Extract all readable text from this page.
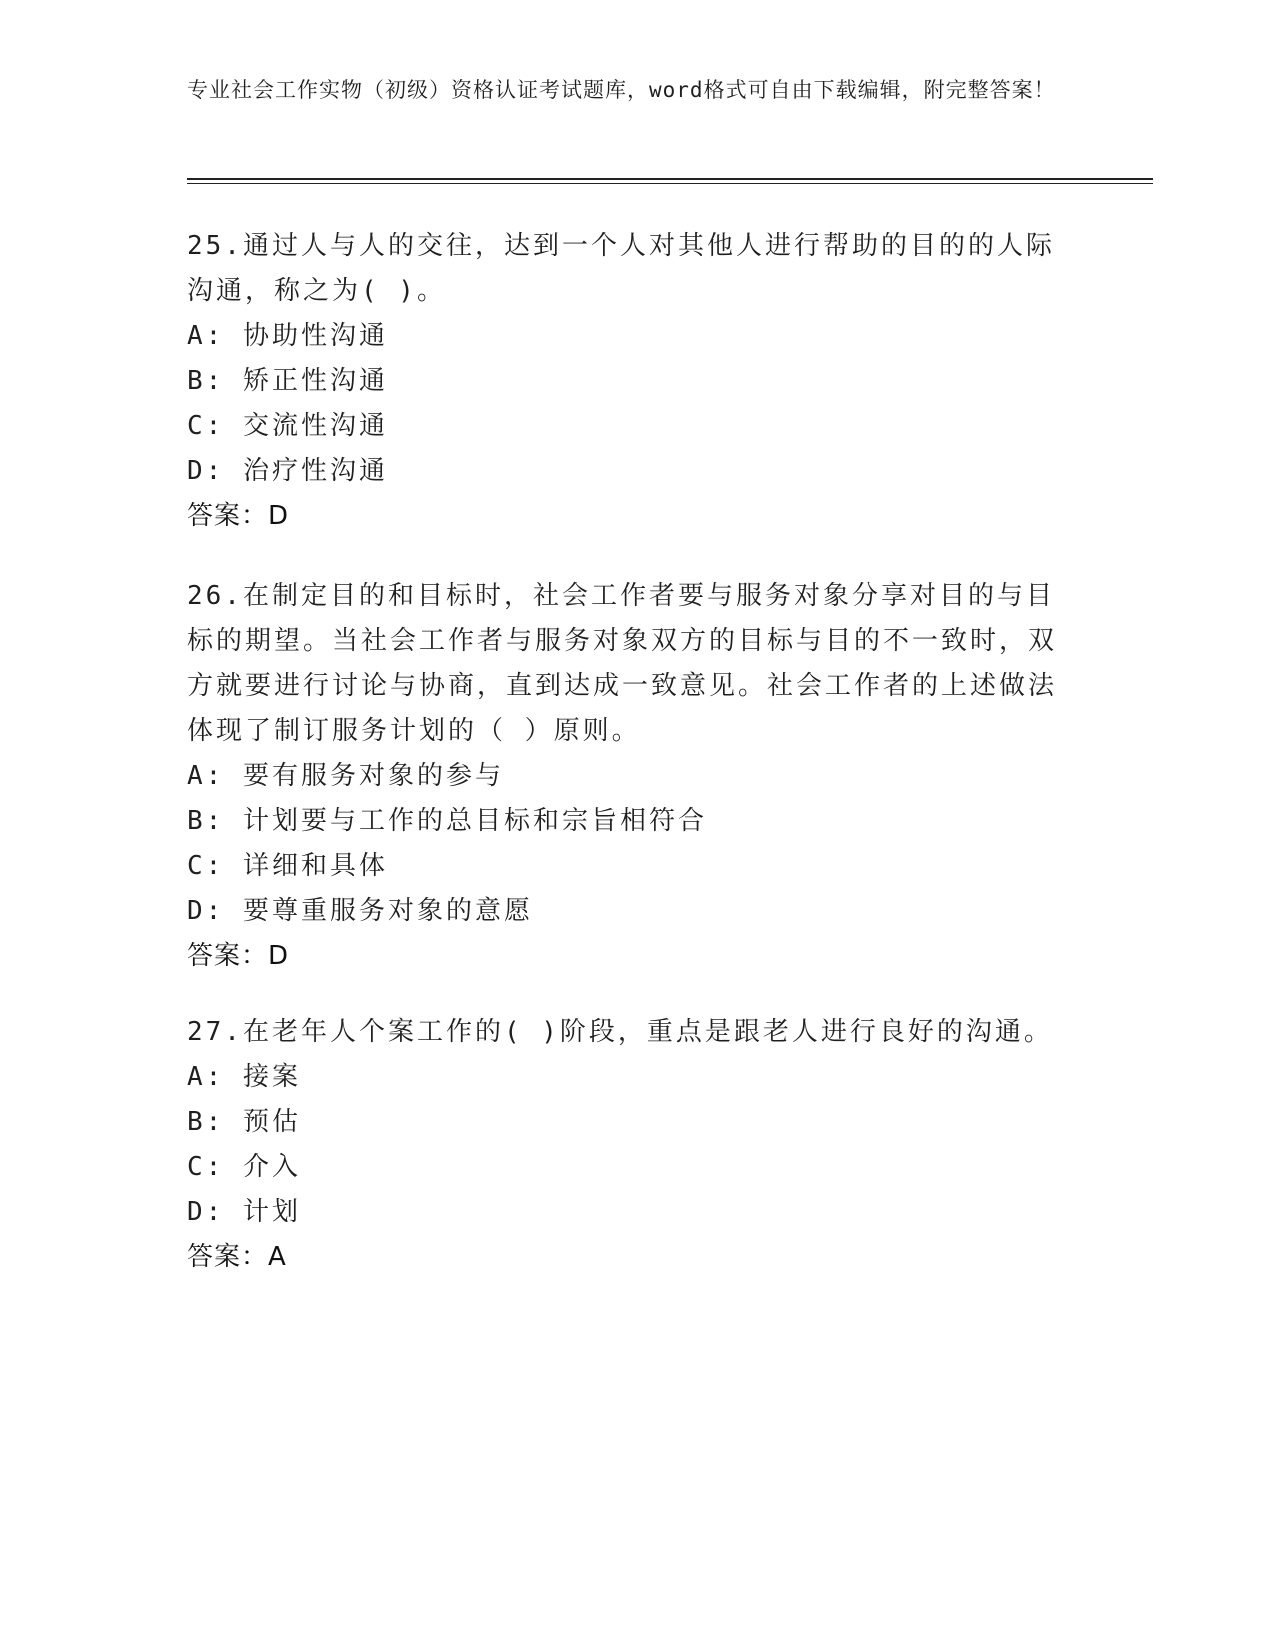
专业社会工作实物（初级）资格认证考试题库，word格式可自由下载编辑，附完整答案！
25.通过人与人的交往，达到一个人对其他人进行帮助的目的的人际沟通，称之为( )。
A: 协助性沟通
B: 矫正性沟通
C: 交流性沟通
D: 治疗性沟通
答案：D
26.在制定目的和目标时，社会工作者要与服务对象分享对目的与目标的期望。当社会工作者与服务对象双方的目标与目的不一致时，双方就要进行讨论与协商，直到达成一致意见。社会工作者的上述做法体现了制订服务计划的（ ）原则。
A: 要有服务对象的参与
B: 计划要与工作的总目标和宗旨相符合
C: 详细和具体
D: 要尊重服务对象的意愿
答案：D
27.在老年人个案工作的( )阶段，重点是跟老人进行良好的沟通。
A: 接案
B: 预估
C: 介入
D: 计划
答案：A
